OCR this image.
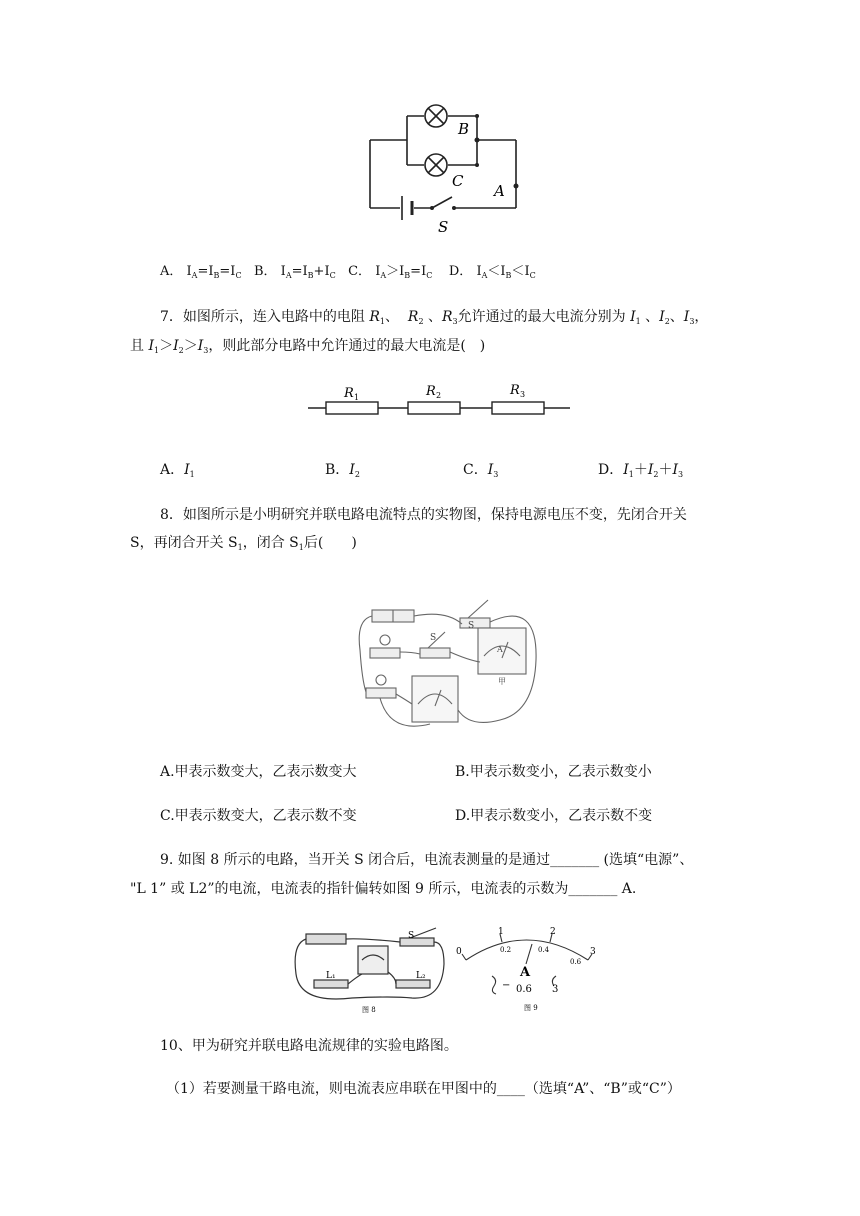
B
C
A
S
A． $I_A=I_B=I_C$ B． $I_A=I_B+I_C$ C． $I_A>I_B=I_C$ D． $I_A<I_B<I_C$
7．如图所示，连入电路中的电阻 $R_1$、 $R_2$ 、$R_3$允许通过的最大电流分别为 $I_1$ 、$I_2$、$I_3$，
且 $I_1>I_2>I_3$，则此部分电路中允许通过的最大电流是(　)
R 1	R 2	R 3
A．$I_1$	B．$I_2$	C．$I_3$	D．$I_1+I_2+I_3$
8．如图所示是小明研究并联电路电流特点的实物图，保持电源电压不变，先闭合开关
S，再闭合开关 $S_1$，闭合 $S_1$后(　　)
S
S
A
甲
A.甲表示数变大，乙表示数变大	B.甲表示数变小，乙表示数变小
C.甲表示数变大，乙表示数不变	D.甲表示数变小，乙表示数不变
9. 如图 8 所示的电路，当开关 S 闭合后，电流表测量的是通过_______ (选填“电源”、
"L 1” 或 L2”的电流，电流表的指针偏转如图 9 所示，电流表的示数为_______ A.
S
L₁	L₂
图 8
0
1	2
3
0.2	0.4
0.6
A
− 0.6 3
图 9
10、甲为研究并联电路电流规律的实验电路图。
（1）若要测量干路电流，则电流表应串联在甲图中的____（选填“A”、“B”或“C”）
